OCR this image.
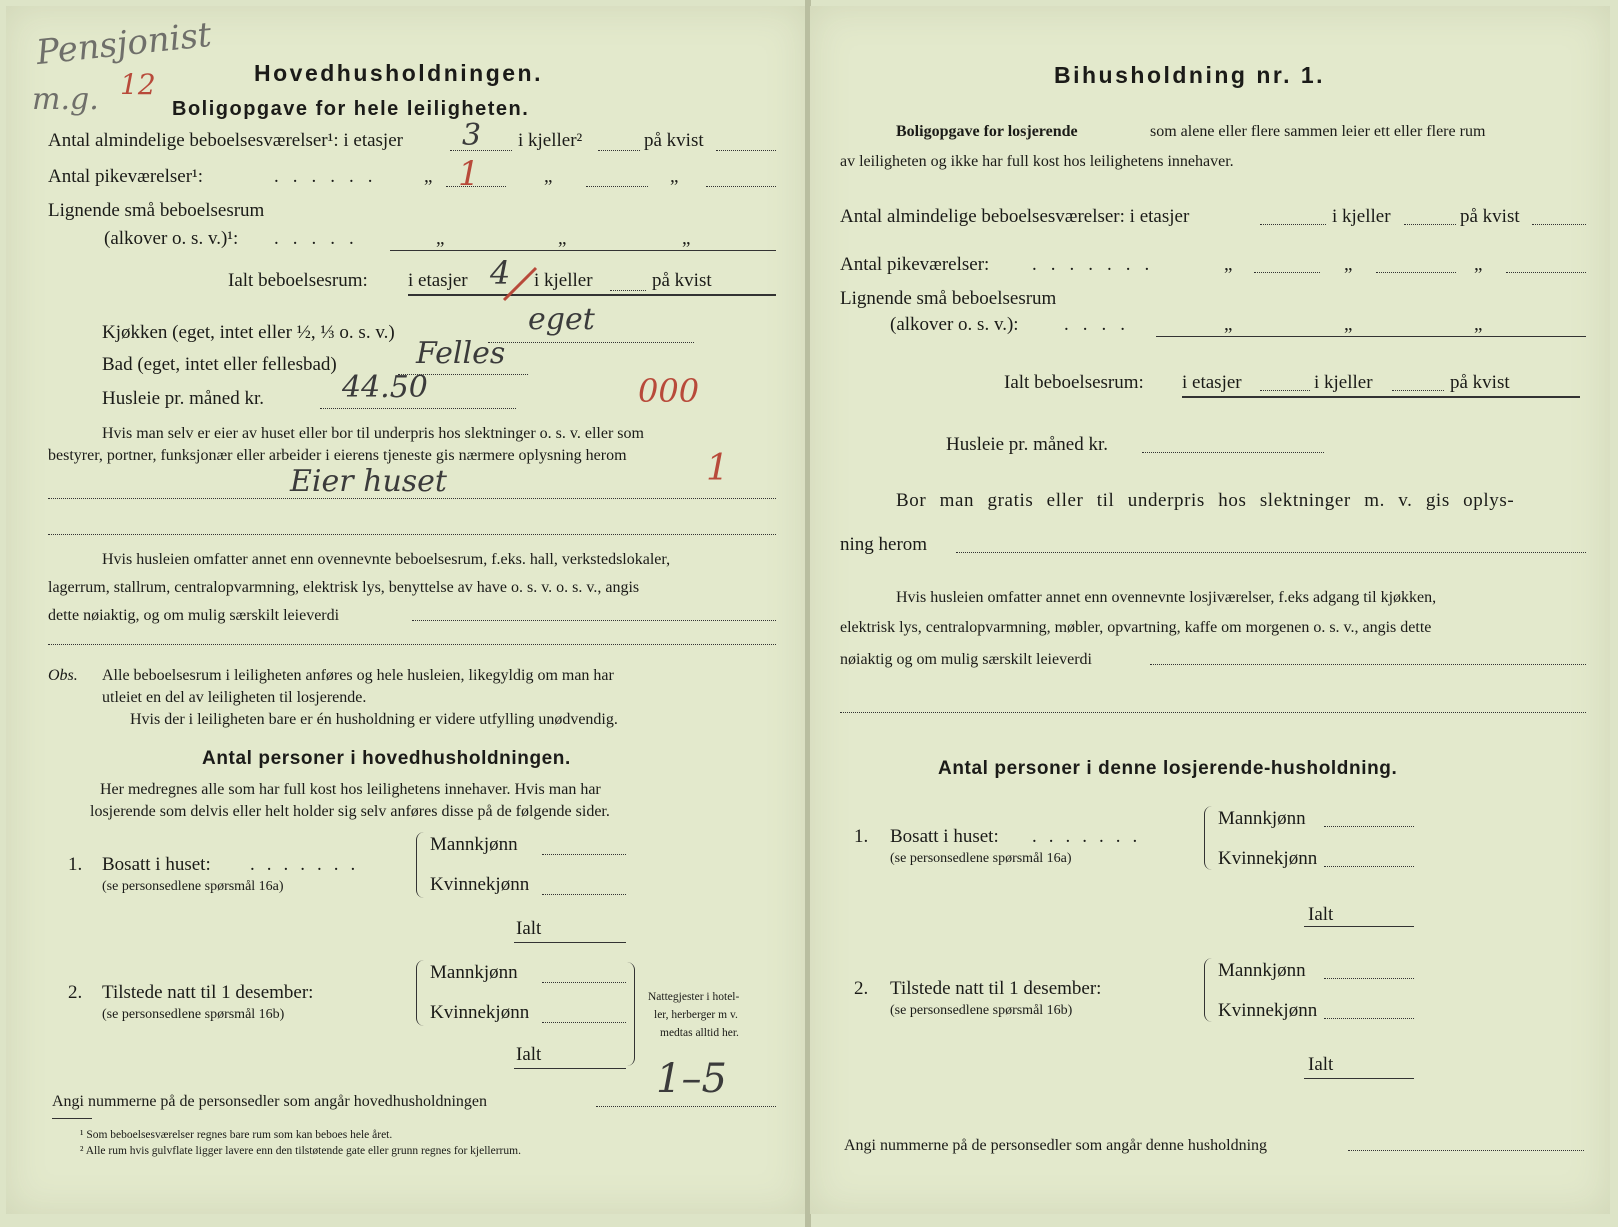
Pensjonist
m.g. 12	Hovedhusholdningen.
Boligopgave for hele leiligheten.
Antal almindelige beboelsesværelser¹: i etasjer 3 i kjeller²	på kvist
Antal pikeværelser¹:	...... „ 1	„	„
Lignende små beboelsesrum
(alkover o. s. v.)¹: .....	„	„	„
Ialt beboelsesrum: i etasjer 4 i kjeller	på kvist
Kjøkken (eget, intet eller ½, ⅓ o. s. v.)	eget
Bad (eget, intet eller fellesbad)	Felles
Husleie pr. måned kr.	44.50	000
Hvis man selv er eier av huset eller bor til underpris hos slektninger o. s. v. eller som
bestyrer, portner, funksjonær eller arbeider i eierens tjeneste gis nærmere oplysning herom
Eier huset	1
Hvis husleien omfatter annet enn ovennevnte beboelsesrum, f.eks. hall, verkstedslokaler,
lagerrum, stallrum, centralopvarmning, elektrisk lys, benyttelse av have o. s. v. o. s. v., angis
dette nøiaktig, og om mulig særskilt leieverdi
Obs. Alle beboelsesrum i leiligheten anføres og hele husleien, likegyldig om man har
utleiet en del av leiligheten til losjerende.
Hvis der i leiligheten bare er én husholdning er videre utfylling unødvendig.
Antal personer i hovedhusholdningen.
Her medregnes alle som har full kost hos leilighetens innehaver. Hvis man har
losjerende som delvis eller helt holder sig selv anføres disse på de følgende sider.
1. Bosatt i huset: .......
(se personsedlene spørsmål 16a)
Mannkjønn
Kvinnekjønn
Ialt
2. Tilstede natt til 1 desember:
(se personsedlene spørsmål 16b)
Mannkjønn
Kvinnekjønn
Ialt
Nattegjester i hotel-
ler, herberger m v.
medtas alltid her.
Angi nummerne på de personsedler som angår hovedhusholdningen	1–5
¹ Som beboelsesværelser regnes bare rum som kan beboes hele året.
² Alle rum hvis gulvflate ligger lavere enn den tilstøtende gate eller grunn regnes for kjellerrum.
Bihusholdning nr. 1.
Boligopgave for losjerende	som alene eller flere sammen leier ett eller flere rum
av leiligheten og ikke har full kost hos leilighetens innehaver.
Antal almindelige beboelsesværelser: i etasjer	i kjeller	på kvist
Antal pikeværelser: .......	„	„	„
Lignende små beboelsesrum
(alkover o. s. v.): ....	„	„	„
Ialt beboelsesrum: i etasjer	i kjeller	på kvist
Husleie pr. måned kr.
Bor man gratis eller til underpris hos slektninger m. v. gis oplys-
ning herom
Hvis husleien omfatter annet enn ovennevnte losjiværelser, f.eks adgang til kjøkken,
elektrisk lys, centralopvarmning, møbler, opvartning, kaffe om morgenen o. s. v., angis dette
nøiaktig og om mulig særskilt leieverdi
Antal personer i denne losjerende-husholdning.
1. Bosatt i huset: .......
(se personsedlene spørsmål 16a)
Mannkjønn
Kvinnekjønn
Ialt
2. Tilstede natt til 1 desember:
(se personsedlene spørsmål 16b)
Mannkjønn
Kvinnekjønn
Ialt
Angi nummerne på de personsedler som angår denne husholdning
